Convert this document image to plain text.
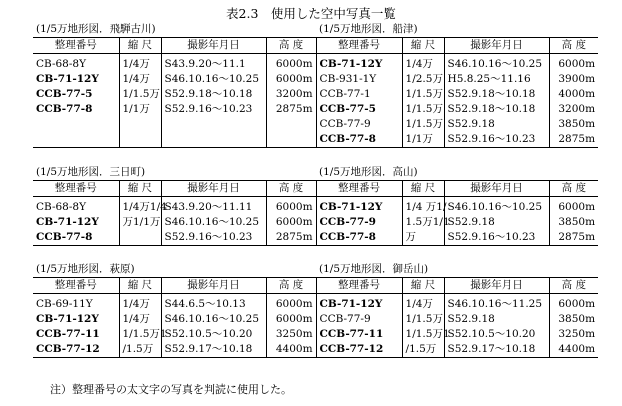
表2.3　使用した空中写真一覧
(1/5万地形図．飛騨古川)				(1/5万地形図．船津)			
整理番号	縮 尺	撮影年月日	高 度	整理番号	縮 尺	撮影年月日	高 度
CB-68-8Y	1/4万	S43.9.20～11.1	6000m	CB-71-12Y	1/4万	S46.10.16～10.25	6000m
CB-71-12Y	1/4万	S46.10.16～10.25	6000m	CB-931-1Y	1/2.5万	H5.8.25～11.16	3900m
CCB-77-5	1/1.5万	S52.9.18～10.18	3200m	CCB-77-1	1/1.5万	S52.9.18～10.18	4000m
CCB-77-8	1/1万	S52.9.16～10.23	2875m	CCB-77-5	1/1.5万	S52.9.18～10.18	3200m
				CCB-77-9	1/1.5万	S52.9.18	3850m
				CCB-77-8	1/1万	S52.9.16～10.23	2875m
(1/5万地形図．三日町)				(1/5万地形図．高山)			
整理番号	縮 尺	撮影年月日	高 度	整理番号	縮 尺	撮影年月日	高 度
CB-68-8Y	1/4万1/4	S43.9.20～11.11	6000m	CB-71-12Y	1/4 万1/	S46.10.16～10.25	6000m
CB-71-12Y	万1/1万	S46.10.16～10.25	6000m	CCB-77-9	1.5万1/1	S52.9.18	3850m
CCB-77-8		S52.9.16～10.23	2875m	CCB-77-8	万	S52.9.16～10.23	2875m
(1/5万地形図．萩原)				(1/5万地形図．御岳山)			
整理番号	縮 尺	撮影年月日	高 度	整理番号	縮 尺	撮影年月日	高 度
CB-69-11Y	1/4万	S44.6.5～10.13	6000m	CB-71-12Y	1/4万	S46.10.16～11.25	6000m
CB-71-12Y	1/4万	S46.10.16～10.25	6000m	CCB-77-9	1/1.5万	S52.9.18	3850m
CCB-77-11	1/1.5万1	S52.10.5～10.20	3250m	CCB-77-11	1/1.5万1	S52.10.5～10.20	3250m
CCB-77-12	/1.5万	S52.9.17～10.18	4400m	CCB-77-12	/1.5万	S52.9.17～10.18	4400m
注）整理番号の太文字の写真を判読に使用した。
